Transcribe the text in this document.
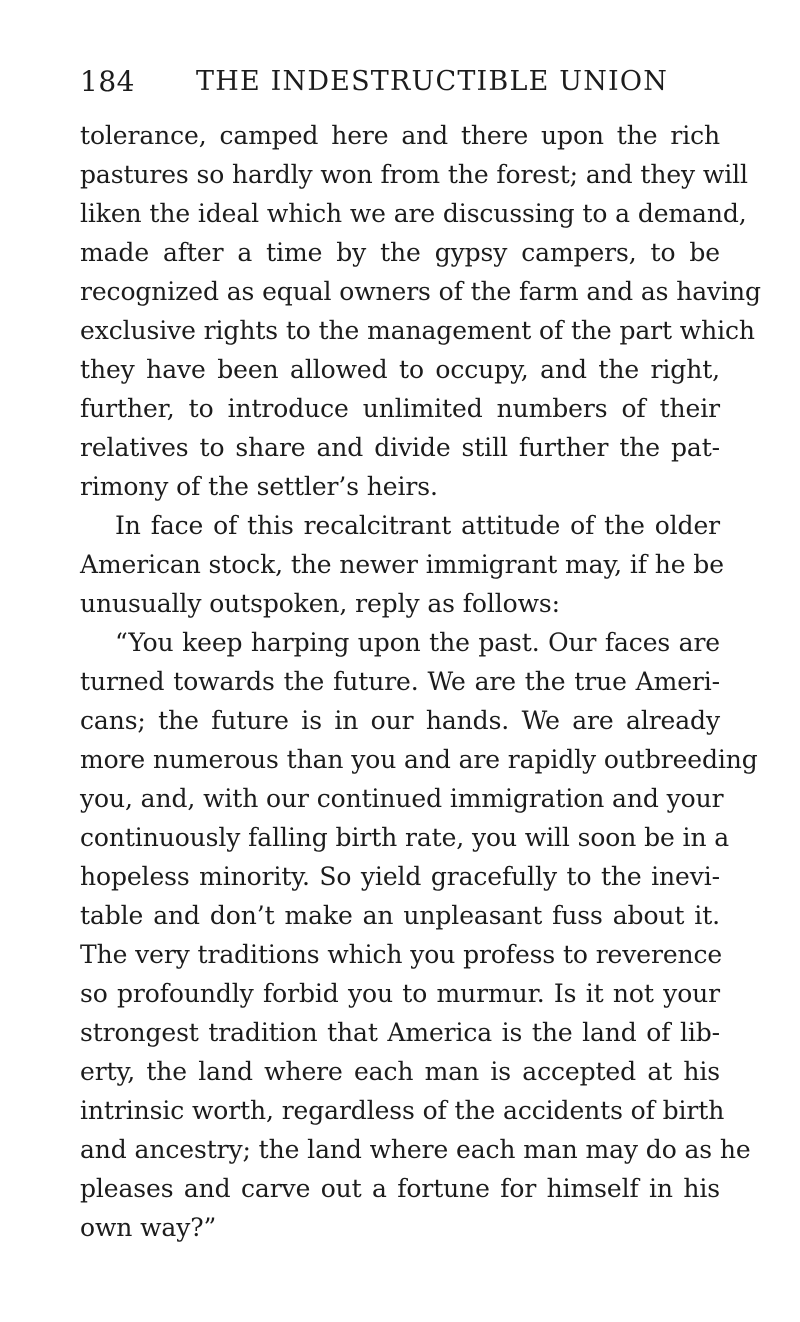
184 THE INDESTRUCTIBLE UNION
tolerance, camped here and there upon the rich
pastures so hardly won from the forest; and they will
liken the ideal which we are discussing to a demand,
made after a time by the gypsy campers, to be
recognized as equal owners of the farm and as having
exclusive rights to the management of the part which
they have been allowed to occupy, and the right,
further, to introduce unlimited numbers of their
relatives to share and divide still further the pat-
rimony of the settler’s heirs.
In face of this recalcitrant attitude of the older
American stock, the newer immigrant may, if he be
unusually outspoken, reply as follows:
“You keep harping upon the past. Our faces are
turned towards the future. We are the true Ameri-
cans; the future is in our hands. We are already
more numerous than you and are rapidly outbreeding
you, and, with our continued immigration and your
continuously falling birth rate, you will soon be in a
hopeless minority. So yield gracefully to the inevi-
table and don’t make an unpleasant fuss about it.
The very traditions which you profess to reverence
so profoundly forbid you to murmur. Is it not your
strongest tradition that America is the land of lib-
erty, the land where each man is accepted at his
intrinsic worth, regardless of the accidents of birth
and ancestry; the land where each man may do as he
pleases and carve out a fortune for himself in his
own way?”
